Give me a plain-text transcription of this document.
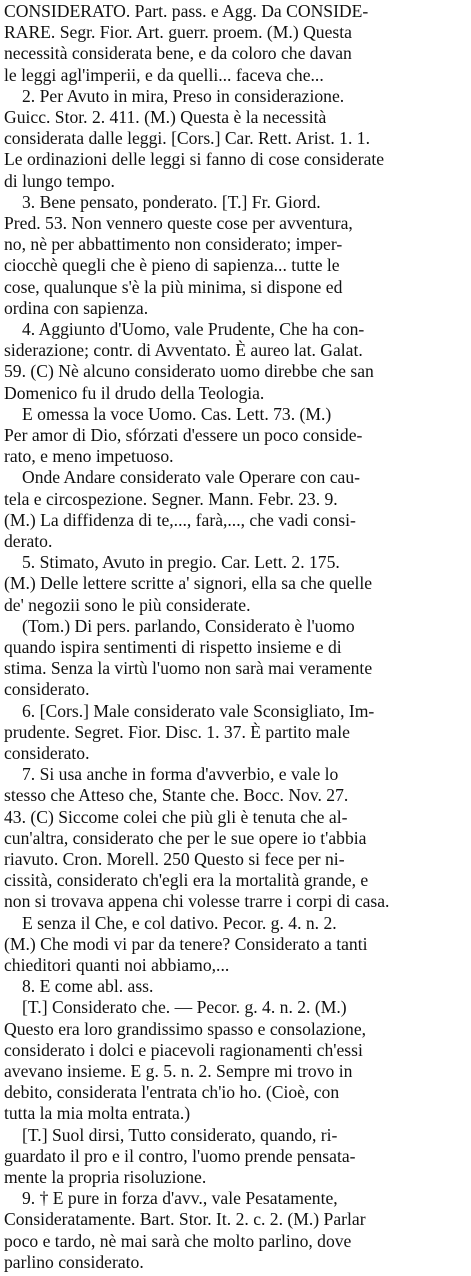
CONSIDERATO. Part. pass. e Agg. Da CONSIDE-
RARE. Segr. Fior. Art. guerr. proem. (M.) Questa
necessità considerata bene, e da coloro che davan
le leggi agl'imperii, e da quelli... faceva che...
2. Per Avuto in mira, Preso in considerazione.
Guicc. Stor. 2. 411. (M.) Questa è la necessità
considerata dalle leggi. [Cors.] Car. Rett. Arist. 1. 1.
Le ordinazioni delle leggi si fanno di cose considerate
di lungo tempo.
3. Bene pensato, ponderato. [T.] Fr. Giord.
Pred. 53. Non vennero queste cose per avventura,
no, nè per abbattimento non considerato; imper-
ciocchè quegli che è pieno di sapienza... tutte le
cose, qualunque s'è la più minima, si dispone ed
ordina con sapienza.
4. Aggiunto d'Uomo, vale Prudente, Che ha con-
siderazione; contr. di Avventato. È aureo lat. Galat.
59. (C) Nè alcuno considerato uomo direbbe che san
Domenico fu il drudo della Teologia.
E omessa la voce Uomo. Cas. Lett. 73. (M.)
Per amor di Dio, sfórzati d'essere un poco conside-
rato, e meno impetuoso.
Onde Andare considerato vale Operare con cau-
tela e circospezione. Segner. Mann. Febr. 23. 9.
(M.) La diffidenza di te,..., farà,..., che vadi consi-
derato.
5. Stimato, Avuto in pregio. Car. Lett. 2. 175.
(M.) Delle lettere scritte a' signori, ella sa che quelle
de' negozii sono le più considerate.
(Tom.) Di pers. parlando, Considerato è l'uomo
quando ispira sentimenti di rispetto insieme e di
stima. Senza la virtù l'uomo non sarà mai veramente
considerato.
6. [Cors.] Male considerato vale Sconsigliato, Im-
prudente. Segret. Fior. Disc. 1. 37. È partito male
considerato.
7. Si usa anche in forma d'avverbio, e vale lo
stesso che Atteso che, Stante che. Bocc. Nov. 27.
43. (C) Siccome colei che più gli è tenuta che al-
cun'altra, considerato che per le sue opere io t'abbia
riavuto. Cron. Morell. 250 Questo si fece per ni-
cissità, considerato ch'egli era la mortalità grande, e
non si trovava appena chi volesse trarre i corpi di casa.
E senza il Che, e col dativo. Pecor. g. 4. n. 2.
(M.) Che modi vi par da tenere? Considerato a tanti
chieditori quanti noi abbiamo,...
8. E come abl. ass.
[T.] Considerato che. — Pecor. g. 4. n. 2. (M.)
Questo era loro grandissimo spasso e consolazione,
considerato i dolci e piacevoli ragionamenti ch'essi
avevano insieme. E g. 5. n. 2. Sempre mi trovo in
debito, considerata l'entrata ch'io ho. (Cioè, con
tutta la mia molta entrata.)
[T.] Suol dirsi, Tutto considerato, quando, ri-
guardato il pro e il contro, l'uomo prende pensata-
mente la propria risoluzione.
9. † E pure in forza d'avv., vale Pesatamente,
Consideratamente. Bart. Stor. It. 2. c. 2. (M.) Parlar
poco e tardo, nè mai sarà che molto parlino, dove
parlino considerato.
